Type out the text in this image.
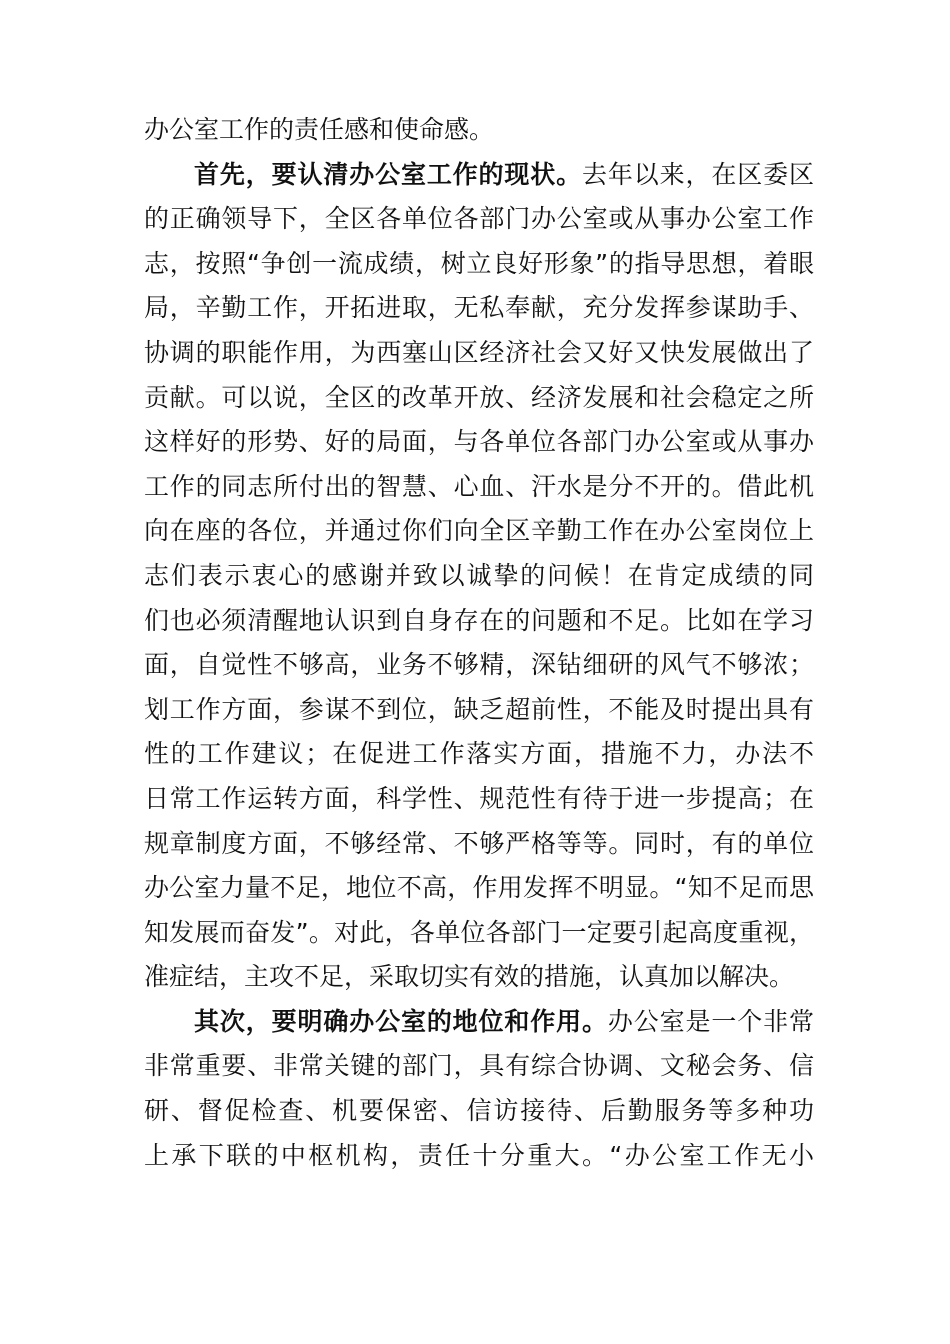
办公室工作的责任感和使命感。
首先，要认清办公室工作的现状。去年以来，在区委区
的正确领导下，全区各单位各部门办公室或从事办公室工作
志，按照“争创一流成绩，树立良好形象”的指导思想，着眼
局，辛勤工作，开拓进取，无私奉献，充分发挥参谋助手、
协调的职能作用，为西塞山区经济社会又好又快发展做出了
贡献。可以说，全区的改革开放、经济发展和社会稳定之所
这样好的形势、好的局面，与各单位各部门办公室或从事办
工作的同志所付出的智慧、心血、汗水是分不开的。借此机
向在座的各位，并通过你们向全区辛勤工作在办公室岗位上
志们表示衷心的感谢并致以诚挚的问候！在肯定成绩的同
们也必须清醒地认识到自身存在的问题和不足。比如在学习
面，自觉性不够高，业务不够精，深钻细研的风气不够浓；
划工作方面，参谋不到位，缺乏超前性，不能及时提出具有
性的工作建议；在促进工作落实方面，措施不力，办法不
日常工作运转方面，科学性、规范性有待于进一步提高；在
规章制度方面，不够经常、不够严格等等。同时，有的单位
办公室力量不足，地位不高，作用发挥不明显。“知不足而思
知发展而奋发”。对此，各单位各部门一定要引起高度重视，
准症结，主攻不足，采取切实有效的措施，认真加以解决。
其次，要明确办公室的地位和作用。办公室是一个非常
非常重要、非常关键的部门，具有综合协调、文秘会务、信
研、督促检查、机要保密、信访接待、后勤服务等多种功
上承下联的中枢机构，责任十分重大。“办公室工作无小
